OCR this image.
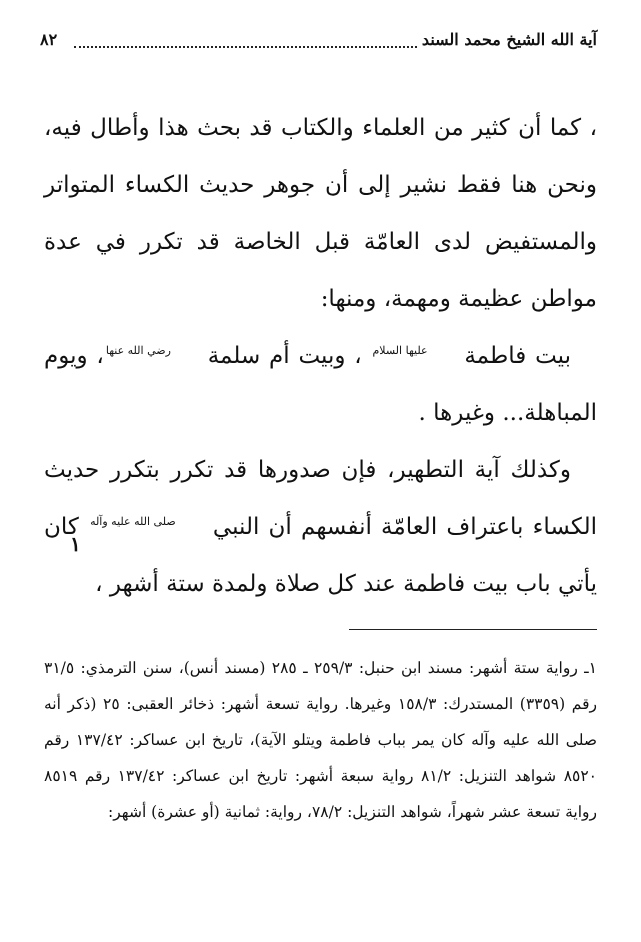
آية الله الشيخ محمد السند
٨٢

، كما أن كثير من العلماء والكتاب قد بحث هذا وأطال فيه، ونحن هنا فقط نشير إلى أن جوهر حديث الكساء المتواتر والمستفيض لدى العامّة قبل الخاصة قد تكرر في عدة مواطن عظيمة ومهمة، ومنها:

بيت فاطمة عليها السلام ، وبيت أم سلمة رضي الله عنها، ويوم المباهلة... وغيرها .

وكذلك آية التطهير، فإن صدورها قد تكرر بتكرر حديث الكساء باعتراف العامّة أنفسهم أن النبي صلى الله عليه وآله كان يأتي باب بيت فاطمة عند كل صلاة ولمدة ستة أشهر ،

١

١ـ رواية ستة أشهر: مسند ابن حنبل: ٢٥٩/٣ ـ ٢٨٥ (مسند أنس)، سنن الترمذي: ٣١/٥ رقم (٣٣٥٩) المستدرك: ١٥٨/٣ وغيرها. رواية تسعة أشهر: ذخائر العقبى: ٢٥ (ذكر أنه صلى الله عليه وآله كان يمر بباب فاطمة ويتلو الآية)، تاريخ ابن عساكر: ١٣٧/٤٢ رقم ٨٥٢٠ شواهد التنزيل: ٨١/٢ رواية سبعة أشهر: تاريخ ابن عساكر: ١٣٧/٤٢ رقم ٨٥١٩ رواية تسعة عشر شهراً، شواهد التنزيل: ٧٨/٢، رواية: ثمانية (أو عشرة) أشهر:
